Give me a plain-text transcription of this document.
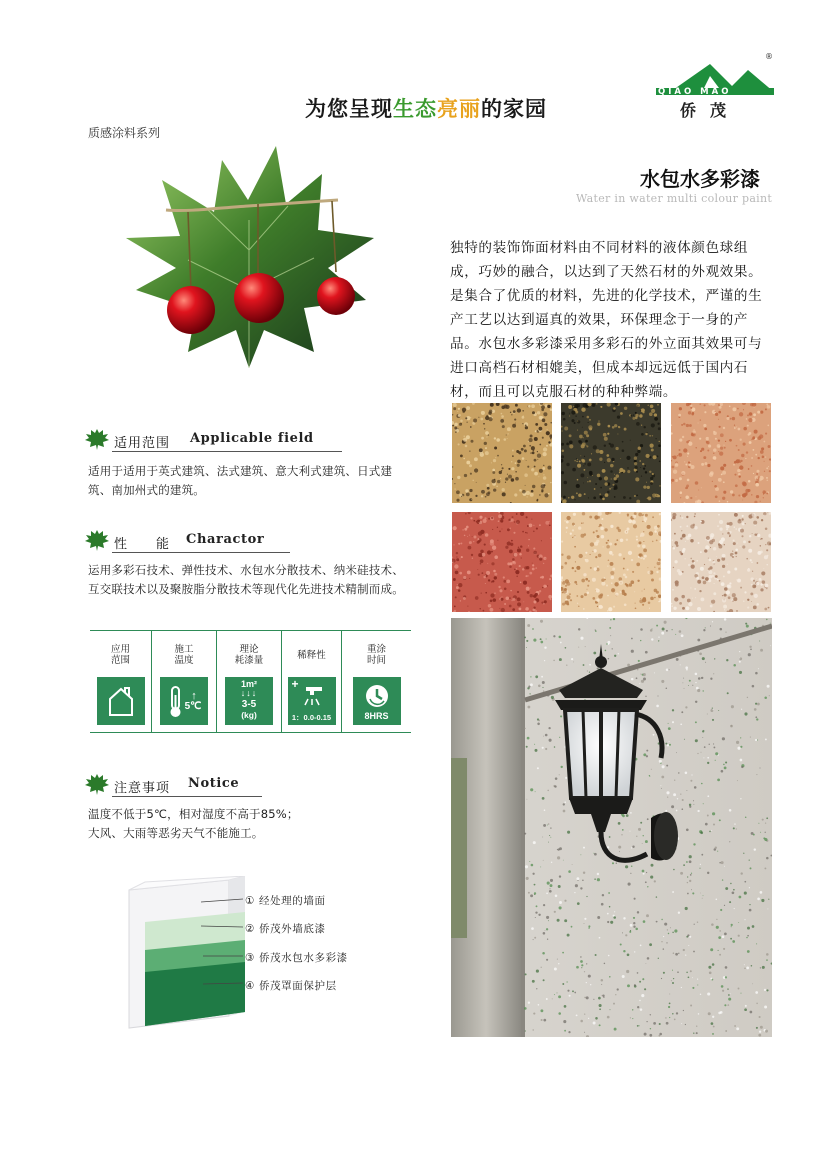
为您呈现生态亮丽的家园
质感涂料系列
®
QIAO MAO
侨茂
水包水多彩漆
Water in water multi colour paint
独特的装饰饰面材料由不同材料的液体颜色球组
成，巧妙的融合，以达到了天然石材的外观效果。
是集合了优质的材料，先进的化学技术，严谨的生
产工艺以达到逼真的效果，环保理念于一身的产
品。水包水多彩漆采用多彩石的外立面其效果可与
进口高档石材相媲美，但成本却远远低于国内石
材，而且可以克服石材的种种弊端。
适用范围 Applicable field
适用于适用于英式建筑、法式建筑、意大利式建筑、日式建
筑、南加州式的建筑。
性　　能 Charactor
运用多彩石技术、弹性技术、水包水分散技术、纳米硅技术、
互交联技术以及聚胺脂分散技术等现代化先进技术精制而成。
应用
范围
施工
温度
↑
5℃
理论
耗漆量
1m²
↓↓↓
3-5
(kg)
稀释性
+
1：0.0-0.15
重涂
时间
8HRS
注意事项 Notice
温度不低于5℃，相对湿度不高于85%；
大风、大雨等恶劣天气不能施工。
① 经处理的墙面
② 侨茂外墙底漆
③ 侨茂水包水多彩漆
④ 侨茂罩面保护层
